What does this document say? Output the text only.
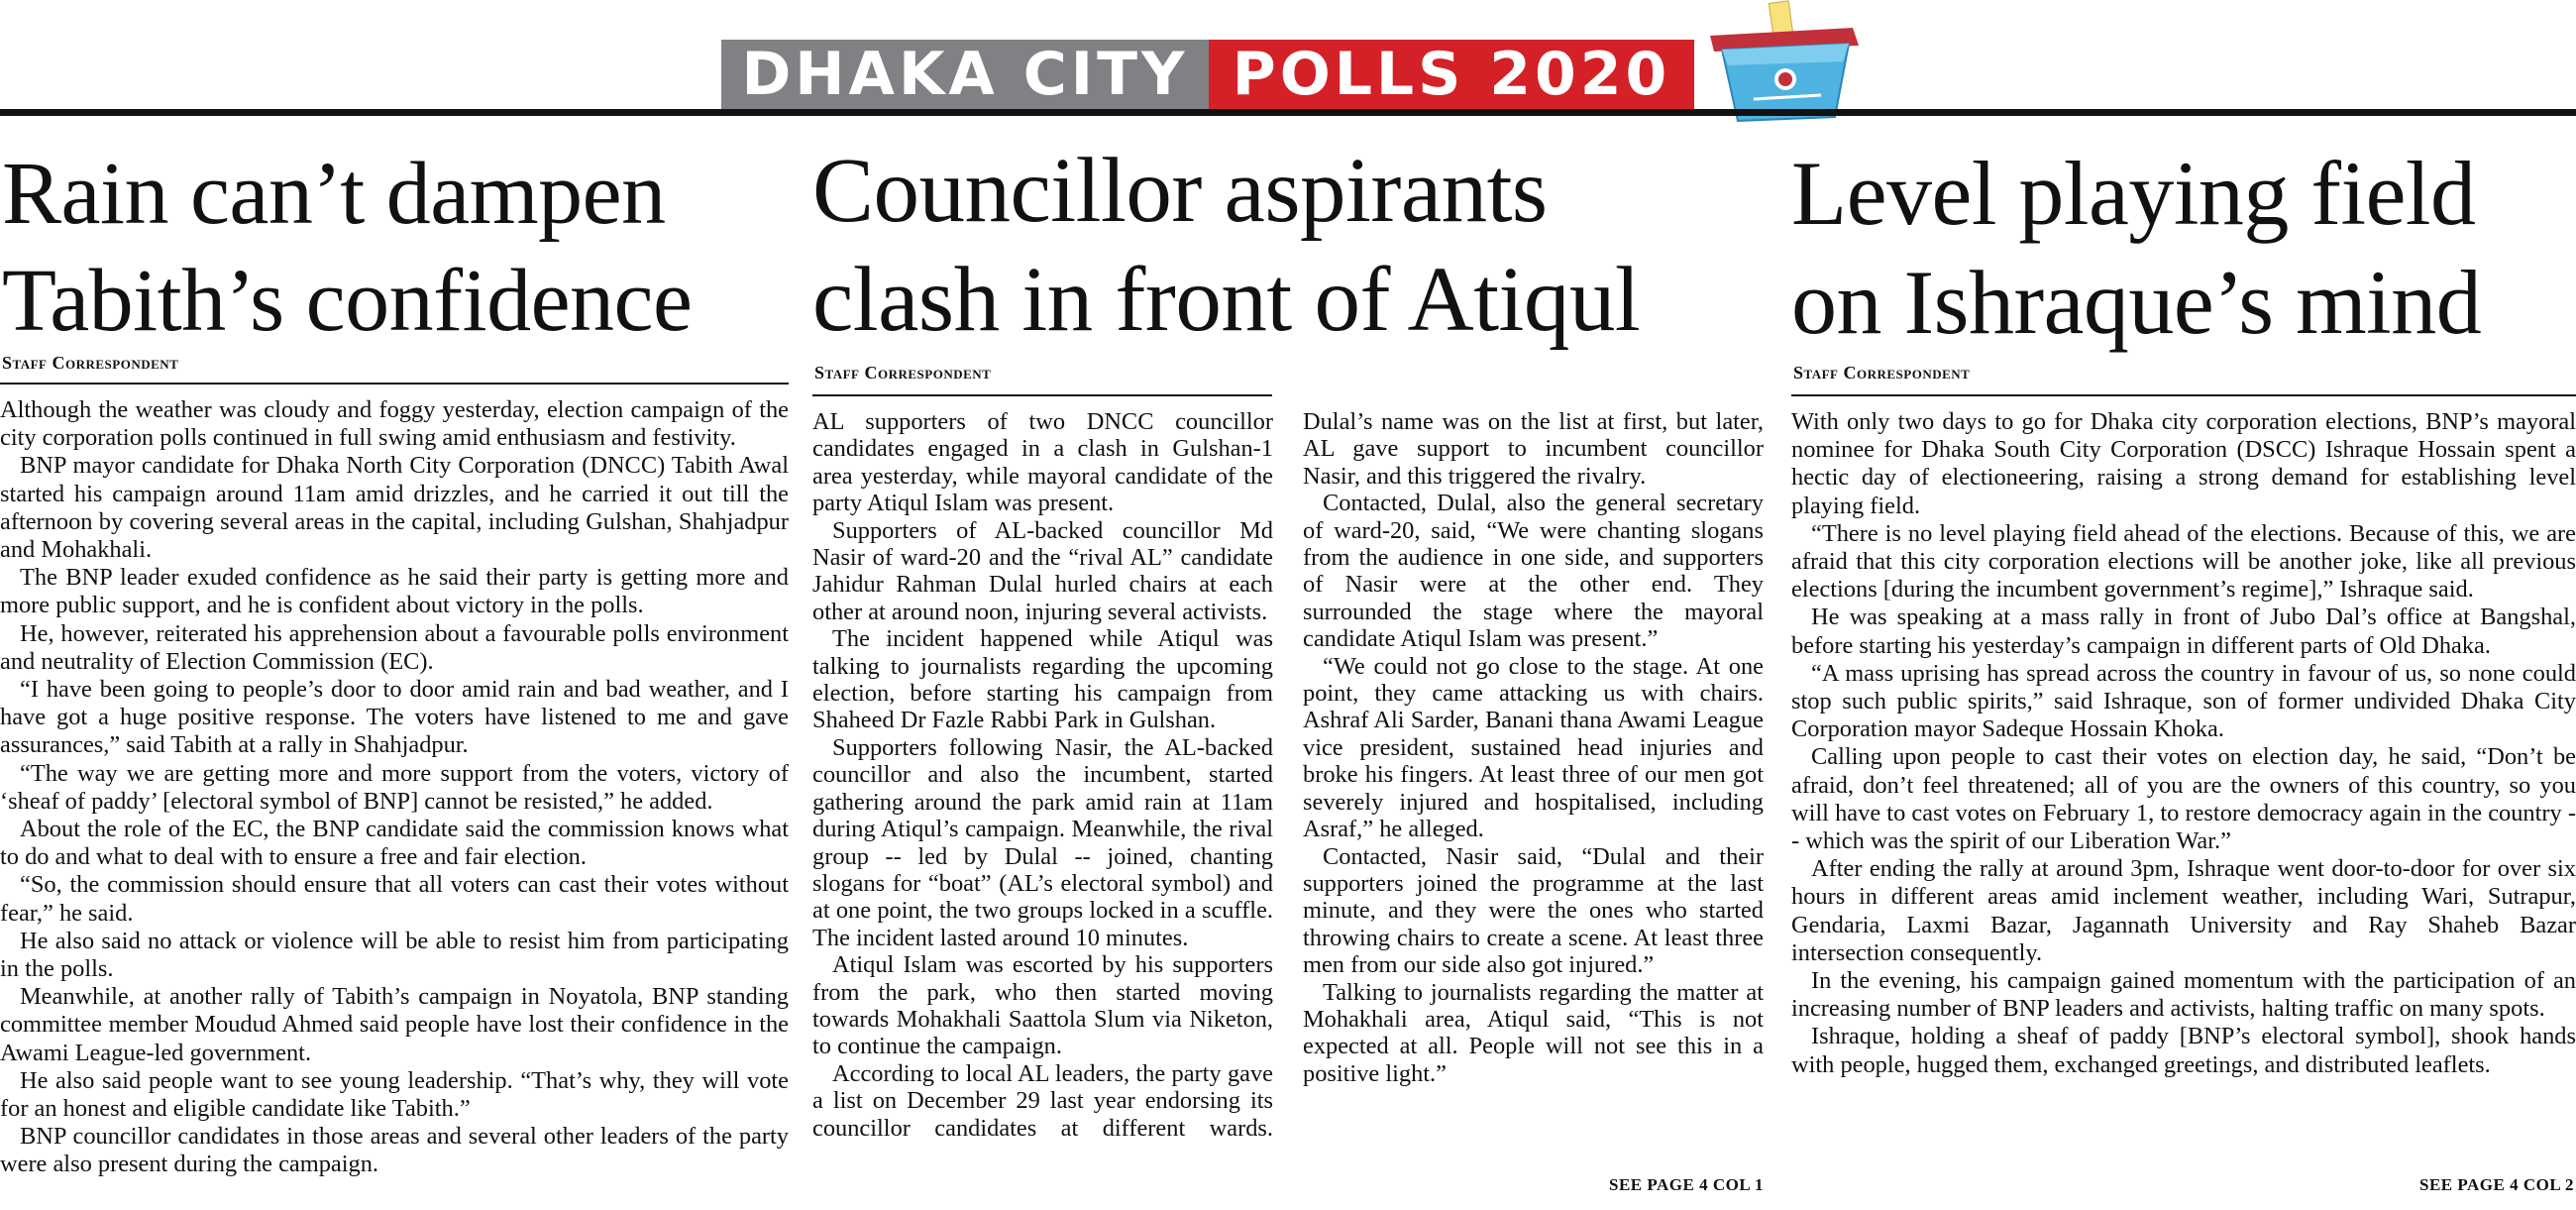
DHAKA CITY POLLS 2020
Rain can’t dampen
Tabith’s confidence
Staff Correspondent

Although the weather was cloudy and foggy yesterday, election campaign of the city corporation polls continued in full swing amid enthusiasm and festivity.

BNP mayor candidate for Dhaka North City Corporation (DNCC) Tabith Awal started his campaign around 11am amid drizzles, and he carried it out till the afternoon by covering several areas in the capital, including Gulshan, Shahjadpur and Mohakhali.

The BNP leader exuded confidence as he said their party is getting more and more public support, and he is confident about victory in the polls.

He, however, reiterated his apprehension about a favourable polls environment and neutrality of Election Commission (EC).

“I have been going to people’s door to door amid rain and bad weather, and I have got a huge positive response. The voters have listened to me and gave assurances,” said Tabith at a rally in Shahjadpur.

“The way we are getting more and more support from the voters, victory of ‘sheaf of paddy’ [electoral symbol of BNP] cannot be resisted,” he added.

About the role of the EC, the BNP candidate said the commission knows what to do and what to deal with to ensure a free and fair election.

“So, the commission should ensure that all voters can cast their votes without fear,” he said.

He also said no attack or violence will be able to resist him from participating in the polls.

Meanwhile, at another rally of Tabith’s campaign in Noyatola, BNP standing committee member Moudud Ahmed said people have lost their confidence in the Awami League-led government.

He also said people want to see young leadership. “That’s why, they will vote for an honest and eligible candidate like Tabith.”

BNP councillor candidates in those areas and several other leaders of the party were also present during the campaign.

Councillor aspirants
clash in front of Atiqul
Staff Correspondent

AL supporters of two DNCC councillor candidates engaged in a clash in Gulshan-1 area yesterday, while mayoral candidate of the party Atiqul Islam was present.

Supporters of AL-backed councillor Md Nasir of ward-20 and the “rival AL” candidate Jahidur Rahman Dulal hurled chairs at each other at around noon, injuring several activists.

The incident happened while Atiqul was talking to journalists regarding the upcoming election, before starting his campaign from Shaheed Dr Fazle Rabbi Park in Gulshan.

Supporters following Nasir, the AL-backed councillor and also the incumbent, started gathering around the park amid rain at 11am during Atiqul’s campaign. Meanwhile, the rival group -- led by Dulal -- joined, chanting slogans for “boat” (AL’s electoral symbol) and at one point, the two groups locked in a scuffle. The incident lasted around 10 minutes.

Atiqul Islam was escorted by his supporters from the park, who then started moving towards Mohakhali Saattola Slum via Niketon, to continue the campaign.

According to local AL leaders, the party gave a list on December 29 last year endorsing its councillor candidates at different wards. Dulal’s name was on the list at first, but later, AL gave support to incumbent councillor Nasir, and this triggered the rivalry.

Contacted, Dulal, also the general secretary of ward-20, said, “We were chanting slogans from the audience in one side, and supporters of Nasir were at the other end. They surrounded the stage where the mayoral candidate Atiqul Islam was present.”

“We could not go close to the stage. At one point, they came attacking us with chairs. Ashraf Ali Sarder, Banani thana Awami League vice president, sustained head injuries and broke his fingers. At least three of our men got severely injured and hospitalised, including Asraf,” he alleged.

Contacted, Nasir said, “Dulal and their supporters joined the programme at the last minute, and they were the ones who started throwing chairs to create a scene. At least three men from our side also got injured.”

Talking to journalists regarding the matter at Mohakhali area, Atiqul said, “This is not expected at all. People will not see this in a positive light.”

SEE PAGE 4 COL 1
Level playing field
on Ishraque’s mind
Staff Correspondent

With only two days to go for Dhaka city corporation elections, BNP’s mayoral nominee for Dhaka South City Corporation (DSCC) Ishraque Hossain spent a hectic day of electioneering, raising a strong demand for establishing level playing field.

“There is no level playing field ahead of the elections. Because of this, we are afraid that this city corporation elections will be another joke, like all previous elections [during the incumbent government’s regime],” Ishraque said.

He was speaking at a mass rally in front of Jubo Dal’s office at Bangshal, before starting his yesterday’s campaign in different parts of Old Dhaka.

“A mass uprising has spread across the country in favour of us, so none could stop such public spirits,” said Ishraque, son of former undivided Dhaka City Corporation mayor Sadeque Hossain Khoka.

Calling upon people to cast their votes on election day, he said, “Don’t be afraid, don’t feel threatened; all of you are the owners of this country, so you will have to cast votes on February 1, to restore democracy again in the country -- which was the spirit of our Liberation War.”

After ending the rally at around 3pm, Ishraque went door-to-door for over six hours in different areas amid inclement weather, including Wari, Sutrapur, Gendaria, Laxmi Bazar, Jagannath University and Ray Shaheb Bazar intersection consequently.

In the evening, his campaign gained momentum with the participation of an increasing number of BNP leaders and activists, halting traffic on many spots.

Ishraque, holding a sheaf of paddy [BNP’s electoral symbol], shook hands with people, hugged them, exchanged greetings, and distributed leaflets.

SEE PAGE 4 COL 2
